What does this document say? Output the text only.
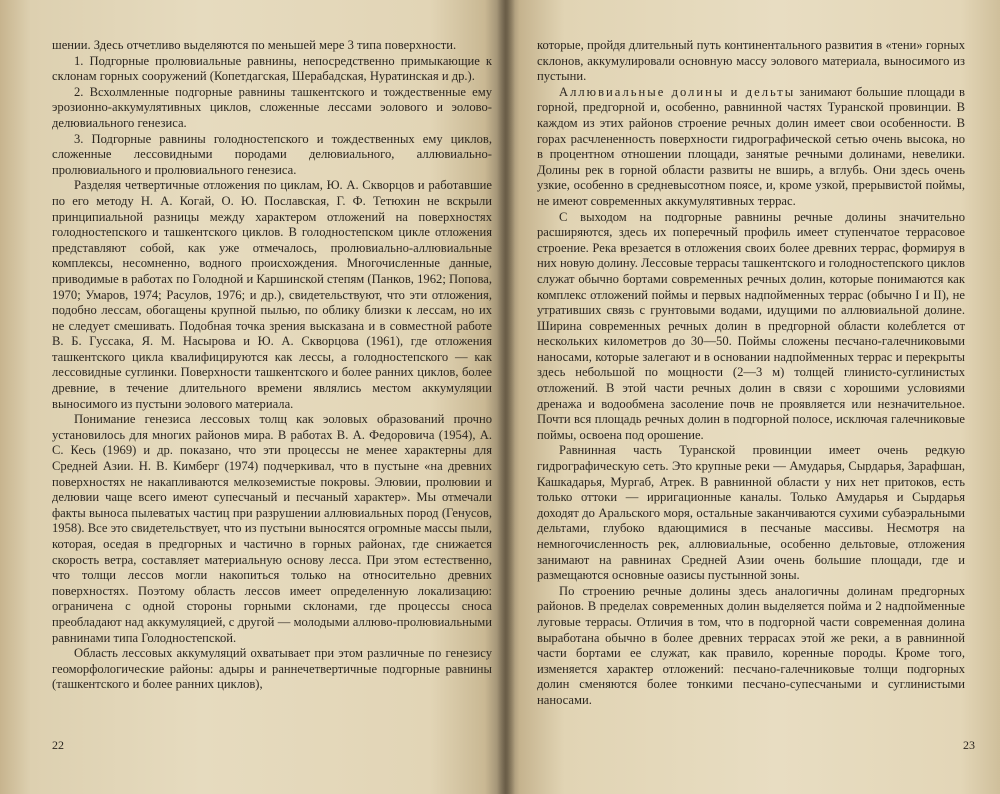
шении. Здесь отчетливо выделяются по меньшей мере 3 типа поверхности.

1. Подгорные пролювиальные равнины, непосредственно примыкающие к склонам горных сооружений (Копетдагская, Шерабадская, Нуратинская и др.).

2. Всхолмленные подгорные равнины ташкентского и тождественные ему эрозионно-аккумулятивных циклов, сложенные лессами эолового и эолово-делювиального генезиса.

3. Подгорные равнины голодностепского и тождественных ему циклов, сложенные лессовидными породами делювиального, аллювиально-пролювиального и пролювиального генезиса.

Разделяя четвертичные отложения по циклам, Ю. А. Скворцов и работавшие по его методу Н. А. Когай, О. Ю. Пославская, Г. Ф. Тетюхин не вскрыли принципиальной разницы между характером отложений на поверхностях голодностепского и ташкентского циклов. В голодностепском цикле отложения представляют собой, как уже отмечалось, пролювиально-аллювиальные комплексы, несомненно, водного происхождения. Многочисленные данные, приводимые в работах по Голодной и Каршинской степям (Панков, 1962; Попова, 1970; Умаров, 1974; Расулов, 1976; и др.), свидетельствуют, что эти отложения, подобно лессам, обогащены крупной пылью, по облику близки к лессам, но их не следует смешивать. Подобная точка зрения высказана и в совместной работе В. Б. Гуссака, Я. М. Насырова и Ю. А. Скворцова (1961), где отложения ташкентского цикла квалифицируются как лессы, а голодностепского — как лессовидные суглинки. Поверхности ташкентского и более ранних циклов, более древние, в течение длительного времени являлись местом аккумуляции выносимого из пустыни эолового материала.

Понимание генезиса лессовых толщ как эоловых образований прочно установилось для многих районов мира. В работах В. А. Федоровича (1954), А. С. Кесь (1969) и др. показано, что эти процессы не менее характерны для Средней Азии. Н. В. Кимберг (1974) подчеркивал, что в пустыне «на древних поверхностях не накапливаются мелкоземистые покровы. Элювии, пролювии и делювии чаще всего имеют супесчаный и песчаный характер». Мы отмечали факты выноса пылеватых частиц при разрушении аллювиальных пород (Генусов, 1958). Все это свидетельствует, что из пустыни выносятся огромные массы пыли, которая, оседая в предгорных и частично в горных районах, где снижается скорость ветра, составляет материальную основу лесса. При этом естественно, что толщи лессов могли накопиться только на относительно древних поверхностях. Поэтому область лессов имеет определенную локализацию: ограничена с одной стороны горными склонами, где процессы сноса преобладают над аккумуляцией, с другой — молодыми аллюво-пролювиальными равнинами типа Голодностепской.

Область лессовых аккумуляций охватывает при этом различные по генезису геоморфологические районы: адыры и раннечетвертичные подгорные равнины (ташкентского и более ранних циклов),

22

которые, пройдя длительный путь континентального развития в «тени» горных склонов, аккумулировали основную массу эолового материала, выносимого из пустыни.

Аллювиальные долины и дельты занимают большие площади в горной, предгорной и, особенно, равнинной частях Туранской провинции. В каждом из этих районов строение речных долин имеет свои особенности. В горах расчлененность поверхности гидрографической сетью очень высока, но в процентном отношении площади, занятые речными долинами, невелики. Долины рек в горной области развиты не вширь, а вглубь. Они здесь очень узкие, особенно в средневысотном поясе, и, кроме узкой, прерывистой поймы, не имеют современных аккумулятивных террас.

С выходом на подгорные равнины речные долины значительно расширяются, здесь их поперечный профиль имеет ступенчатое террасовое строение. Река врезается в отложения своих более древних террас, формируя в них новую долину. Лессовые террасы ташкентского и голодностепского циклов служат обычно бортами современных речных долин, которые понимаются как комплекс отложений поймы и первых надпойменных террас (обычно I и II), не утративших связь с грунтовыми водами, идущими по аллювиальной долине. Ширина современных речных долин в предгорной области колеблется от нескольких километров до 30—50. Поймы сложены песчано-галечниковыми наносами, которые залегают и в основании надпойменных террас и перекрыты здесь небольшой по мощности (2—3 м) толщей глинисто-суглинистых отложений. В этой части речных долин в связи с хорошими условиями дренажа и водообмена засоление почв не проявляется или незначительное. Почти вся площадь речных долин в подгорной полосе, исключая галечниковые поймы, освоена под орошение.

Равнинная часть Туранской провинции имеет очень редкую гидрографическую сеть. Это крупные реки — Амударья, Сырдарья, Зарафшан, Кашкадарья, Мургаб, Атрек. В равнинной области у них нет притоков, есть только оттоки — ирригационные каналы. Только Амударья и Сырдарья доходят до Аральского моря, остальные заканчиваются сухими субаэральными дельтами, глубоко вдающимися в песчаные массивы. Несмотря на немногочисленность рек, аллювиальные, особенно дельтовые, отложения занимают на равнинах Средней Азии очень большие площади, где и размещаются основные оазисы пустынной зоны.

По строению речные долины здесь аналогичны долинам предгорных районов. В пределах современных долин выделяется пойма и 2 надпойменные луговые террасы. Отличия в том, что в подгорной части современная долина выработана обычно в более древних террасах этой же реки, а в равнинной части бортами ее служат, как правило, коренные породы. Кроме того, изменяется характер отложений: песчано-галечниковые толщи подгорных долин сменяются более тонкими песчано-супесчаными и суглинистыми наносами.

23
